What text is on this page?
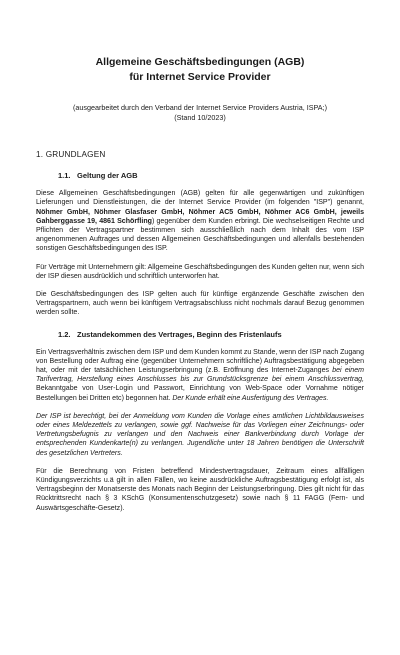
Allgemeine Geschäftsbedingungen (AGB)

für Internet Service Provider

(ausgearbeitet durch den Verband der Internet Service Providers Austria, ISPA;)
(Stand 10/2023)
1. GRUNDLAGEN
1.1. Geltung der AGB

Diese Allgemeinen Geschäftsbedingungen (AGB) gelten für alle gegenwärtigen und zukünftigen Lieferungen und Dienstleistungen, die der Internet Service Provider (im folgenden "ISP") genannt, Nöhmer GmbH, Nöhmer Glasfaser GmbH, Nöhmer AC5 GmbH, Nöhmer AC6 GmbH, jeweils Gahberggasse 19, 4861 Schörfling) gegenüber dem Kunden erbringt. Die wechselseitigen Rechte und Pflichten der Vertragspartner bestimmen sich ausschließlich nach dem Inhalt des vom ISP angenommenen Auftrages und dessen Allgemeinen Geschäftsbedingungen und allenfalls bestehenden sonstigen Geschäftsbedingungen des ISP.

Für Verträge mit Unternehmern gilt: Allgemeine Geschäftsbedingungen des Kunden gelten nur, wenn sich der ISP diesen ausdrücklich und schriftlich unterworfen hat.

Die Geschäftsbedingungen des ISP gelten auch für künftige ergänzende Geschäfte zwischen den Vertragspartnern, auch wenn bei künftigem Vertragsabschluss nicht nochmals darauf Bezug genommen werden sollte.

1.2. Zustandekommen des Vertrages, Beginn des Fristenlaufs

Ein Vertragsverhältnis zwischen dem ISP und dem Kunden kommt zu Stande, wenn der ISP nach Zugang von Bestellung oder Auftrag eine (gegenüber Unternehmern schriftliche) Auftragsbestätigung abgegeben hat, oder mit der tatsächlichen Leistungserbringung (z.B. Eröffnung des Internet-Zuganges bei einem Tarifvertrag, Herstellung eines Anschlusses bis zur Grundstücksgrenze bei einem Anschlussvertrag, Bekanntgabe von User-Login und Passwort, Einrichtung von Web-Space oder Vornahme nötiger Bestellungen bei Dritten etc) begonnen hat. Der Kunde erhält eine Ausfertigung des Vertrages.

Der ISP ist berechtigt, bei der Anmeldung vom Kunden die Vorlage eines amtlichen Lichtbildausweises oder eines Meldezettels zu verlangen, sowie ggf. Nachweise für das Vorliegen einer Zeichnungs- oder Vertretungsbefugnis zu verlangen und den Nachweis einer Bankverbindung durch Vorlage der entsprechenden Kundenkarte(n) zu verlangen. Jugendliche unter 18 Jahren benötigen die Unterschrift des gesetzlichen Vertreters.

Für die Berechnung von Fristen betreffend Mindestvertragsdauer, Zeitraum eines allfälligen Kündigungsverzichts u.ä gilt in allen Fällen, wo keine ausdrückliche Auftragsbestätigung erfolgt ist, als Vertragsbeginn der Monatserste des Monats nach Beginn der Leistungserbringung. Dies gilt nicht für das Rücktrittsrecht nach § 3 KSchG (Konsumentenschutzgesetz) sowie nach § 11 FAGG (Fern- und Auswärtsgeschäfte-Gesetz).
